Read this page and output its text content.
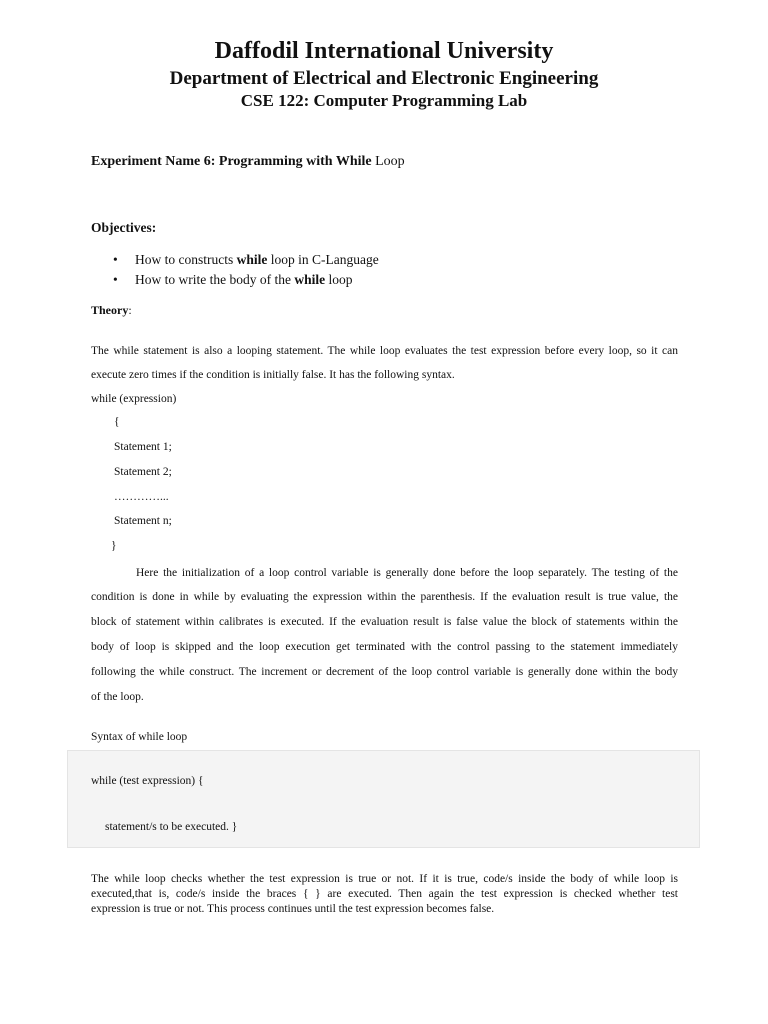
Daffodil International University
Department of Electrical and Electronic Engineering
CSE 122: Computer Programming Lab
Experiment Name 6: Programming with While Loop
Objectives:
• How to constructs while loop in C-Language
• How to write the body of the while loop
Theory:
The while statement is also a looping statement. The while loop evaluates the test expression before every loop, so it can
execute zero times if the condition is initially false. It has the following syntax.
while (expression)
{
Statement 1;
Statement 2;
…………...
Statement n;
}
Here the initialization of a loop control variable is generally done before the loop separately. The testing of the
condition is done in while by evaluating the expression within the parenthesis. If the evaluation result is true value, the
block of statement within calibrates is executed. If the evaluation result is false value the block of statements within the
body of loop is skipped and the loop execution get terminated with the control passing to the statement immediately
following the while construct. The increment or decrement of the loop control variable is generally done within the body
of the loop.
Syntax of while loop
while (test expression) {
statement/s to be executed. }
The while loop checks whether the test expression is true or not. If it is true, code/s inside the body of while loop is
executed,that is, code/s inside the braces { } are executed. Then again the test expression is checked whether test
expression is true or not. This process continues until the test expression becomes false.
